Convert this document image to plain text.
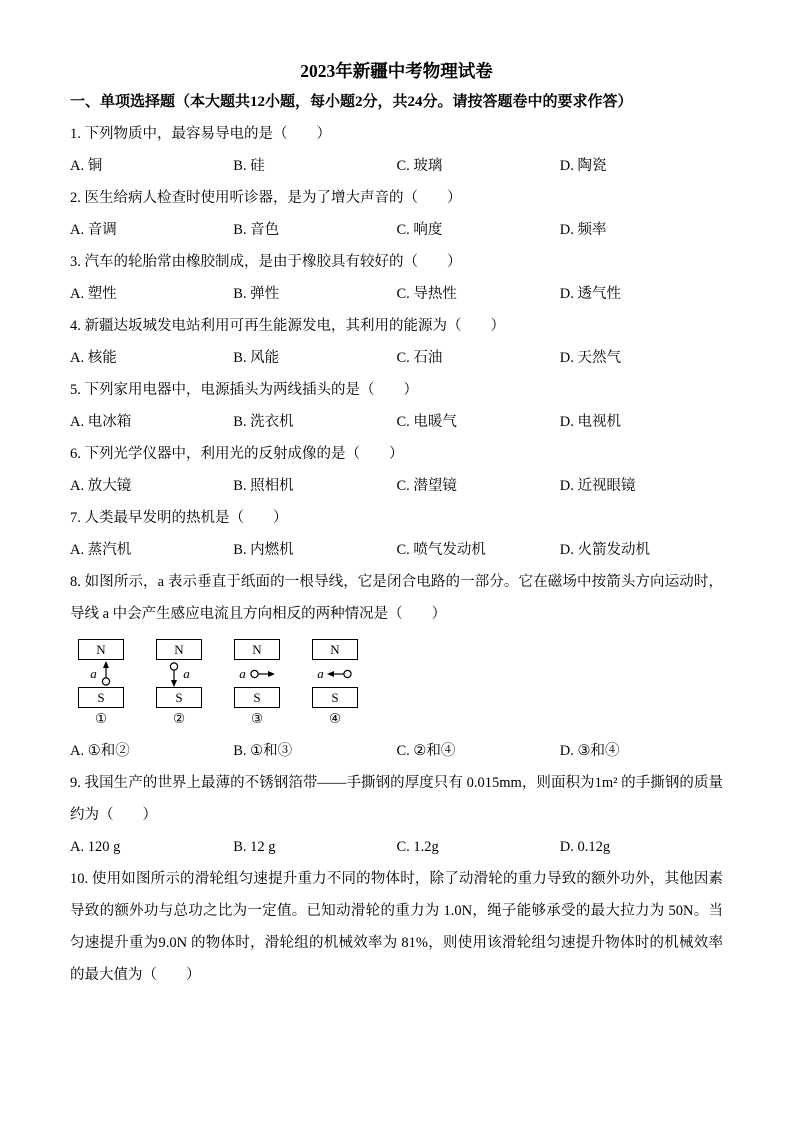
2023年新疆中考物理试卷
一、单项选择题（本大题共12小题，每小题2分，共24分。请按答题卷中的要求作答）

1. 下列物质中，最容易导电的是（　　）

A. 铜	B. 硅	C. 玻璃	D. 陶瓷

2. 医生给病人检查时使用听诊器，是为了增大声音的（　　）

A. 音调	B. 音色	C. 响度	D. 频率

3. 汽车的轮胎常由橡胶制成，是由于橡胶具有较好的（　　）

A. 塑性	B. 弹性	C. 导热性	D. 透气性

4. 新疆达坂城发电站利用可再生能源发电，其利用的能源为（　　）

A. 核能	B. 风能	C. 石油	D. 天然气

5. 下列家用电器中，电源插头为两线插头的是（　　）

A. 电冰箱	B. 洗衣机	C. 电暖气	D. 电视机

6. 下列光学仪器中，利用光的反射成像的是（　　）

A. 放大镜	B. 照相机	C. 潜望镜	D. 近视眼镜

7. 人类最早发明的热机是（　　）

A. 蒸汽机	B. 内燃机	C. 喷气发动机	D. 火箭发动机

8. 如图所示，a 表示垂直于纸面的一根导线，它是闭合电路的一部分。它在磁场中按箭头方向运动时，导线 a 中会产生感应电流且方向相反的两种情况是（　　）

N
a
S
①
N
a
S
②
N
a
S
③
N
a
S
④
A. ①和②	B. ①和③	C. ②和④	D. ③和④

9. 我国生产的世界上最薄的不锈钢箔带——手撕钢的厚度只有 0.015mm，则面积为1m² 的手撕钢的质量约为（　　）

A. 120 g	B. 12 g	C. 1.2g	D. 0.12g

10. 使用如图所示的滑轮组匀速提升重力不同的物体时，除了动滑轮的重力导致的额外功外，其他因素导致的额外功与总功之比为一定值。已知动滑轮的重力为 1.0N，绳子能够承受的最大拉力为 50N。当匀速提升重为9.0N 的物体时，滑轮组的机械效率为 81%，则使用该滑轮组匀速提升物体时的机械效率的最大值为（　　）
